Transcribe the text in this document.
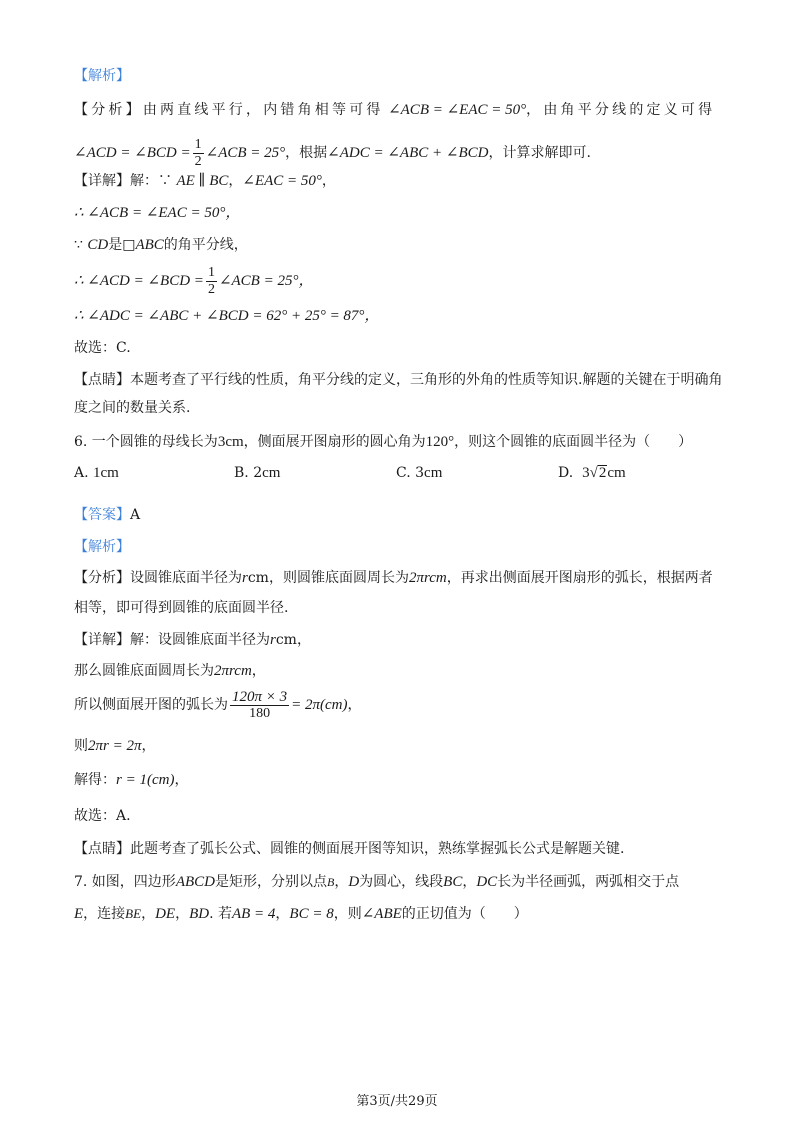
【解析】
【分析】由两直线平行，内错角相等可得 ∠ACB = ∠EAC = 50°，由角平分线的定义可得
∠ACD = ∠BCD = $\frac{1}{2}$ ∠ACB = 25°，根据∠ADC = ∠ABC + ∠BCD，计算求解即可.
【详解】解：∵ AE ∥ BC，∠EAC = 50°，
∴ ∠ACB = ∠EAC = 50°，
∵ CD是□ABC的角平分线，
∴ ∠ACD = ∠BCD = $\frac{1}{2}$ ∠ACB = 25°，
∴ ∠ADC = ∠ABC + ∠BCD = 62° + 25° = 87°，
故选：C.
【点睛】本题考查了平行线的性质，角平分线的定义，三角形的外角的性质等知识.解题的关键在于明确角
度之间的数量关系.
6. 一个圆锥的母线长为3cm，侧面展开图扇形的圆心角为120°，则这个圆锥的底面圆半径为（　　）
A. 1cm	B. 2cm	C. 3cm	D. 3√2cm
【答案】A
【解析】
【分析】设圆锥底面半径为rcm，则圆锥底面圆周长为2πrcm，再求出侧面展开图扇形的弧长，根据两者
相等，即可得到圆锥的底面圆半径.
【详解】解：设圆锥底面半径为rcm，
那么圆锥底面圆周长为2πrcm，
所以侧面展开图的弧长为 $\frac{120\pi \times 3}{180} = 2\pi(cm)$，
则2πr = 2π，
解得：r = 1(cm)，
故选：A.
【点睛】此题考查了弧长公式、圆锥的侧面展开图等知识，熟练掌握弧长公式是解题关键.
7. 如图，四边形ABCD是矩形，分别以点B，D为圆心，线段BC，DC长为半径画弧，两弧相交于点
E，连接BE，DE，BD. 若AB = 4，BC = 8，则∠ABE的正切值为（　　）
第3页/共29页
